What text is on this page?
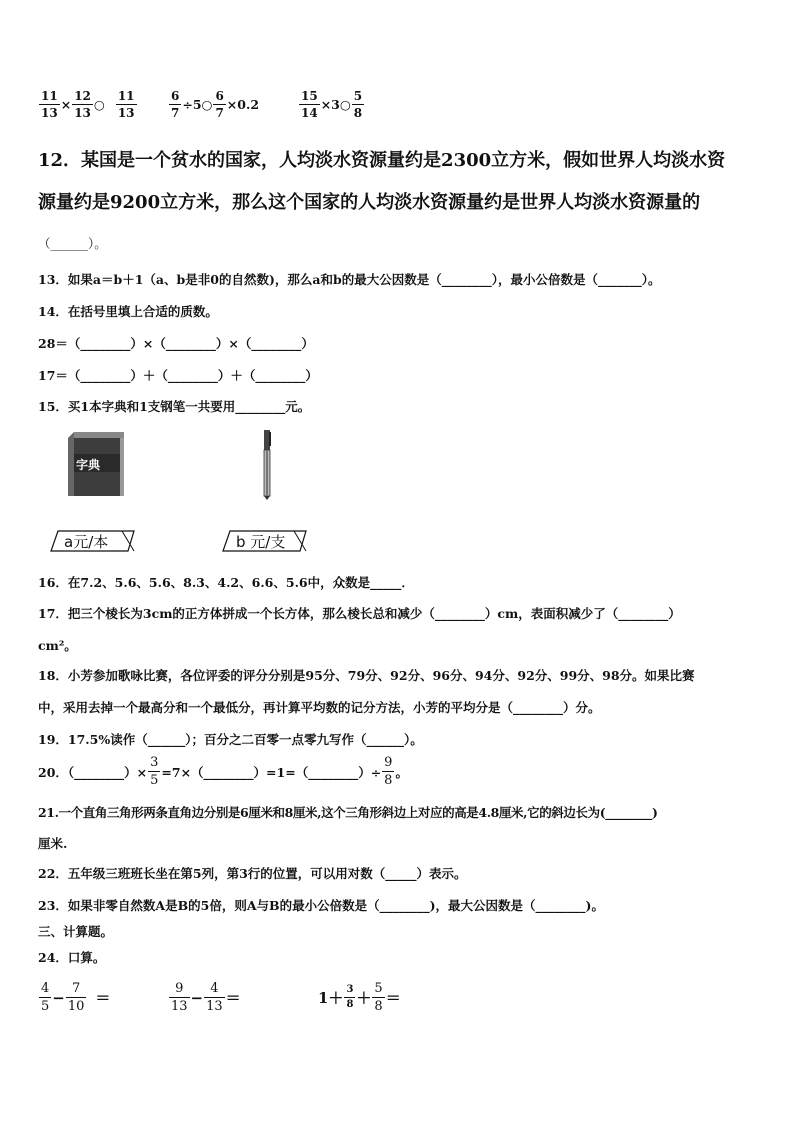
$\frac{11}{13} \times \frac{12}{13}$ ○ $\frac{11}{13}$	$\frac{6}{7}$ ÷5○ $\frac{6}{7} \times 0.2$	$\frac{15}{14}$ ×3○ $\frac{5}{8}$
12．某国是一个贫水的国家，人均淡水资源量约是2300立方米，假如世界人均淡水资
源量约是9200立方米，那么这个国家的人均淡水资源量约是世界人均淡水资源量的
（______）。
13．如果a＝b＋1（a、b是非0的自然数)，那么a和b的最大公因数是（________），最小公倍数是（_______）。
14．在括号里填上合适的质数。
28＝（________）×（________）×（________）
17＝（________）＋（________）＋（________）
15．买1本字典和1支钢笔一共要用________元。
字典
a元/本	b 元/支
16．在7.2、5.6、5.6、8.3、4.2、6.6、5.6中，众数是_____．
17．把三个棱长为3cm的正方体拼成一个长方体，那么棱长总和减少（________）cm，表面积减少了（________）
cm²。
18．小芳参加歌咏比赛，各位评委的评分分别是95分、79分、92分、96分、94分、92分、99分、98分。如果比赛
中，采用去掉一个最高分和一个最低分，再计算平均数的记分方法，小芳的平均分是（________）分。
19．17.5%读作（______）；百分之二百零一点零九写作（______）。
20．（________）× $\frac{3}{5}$ =7×（________）=1=（________）÷ $\frac{9}{8}$ 。
21.一个直角三角形两条直角边分别是6厘米和8厘米,这个三角形斜边上对应的高是4.8厘米,它的斜边长为(________)
厘米.
22．五年级三班班长坐在第5列，第3行的位置，可以用对数（_____）表示。
23．如果非零自然数A是B的5倍，则A与B的最小公倍数是（________)，最大公因数是（________)。
三、计算题。
24．口算。
$\frac{4}{5} - \frac{7}{10}$ ＝	$\frac{9}{13} - \frac{4}{13}$ ＝	$1+ \frac{3}{8} + \frac{5}{8}$ ＝
